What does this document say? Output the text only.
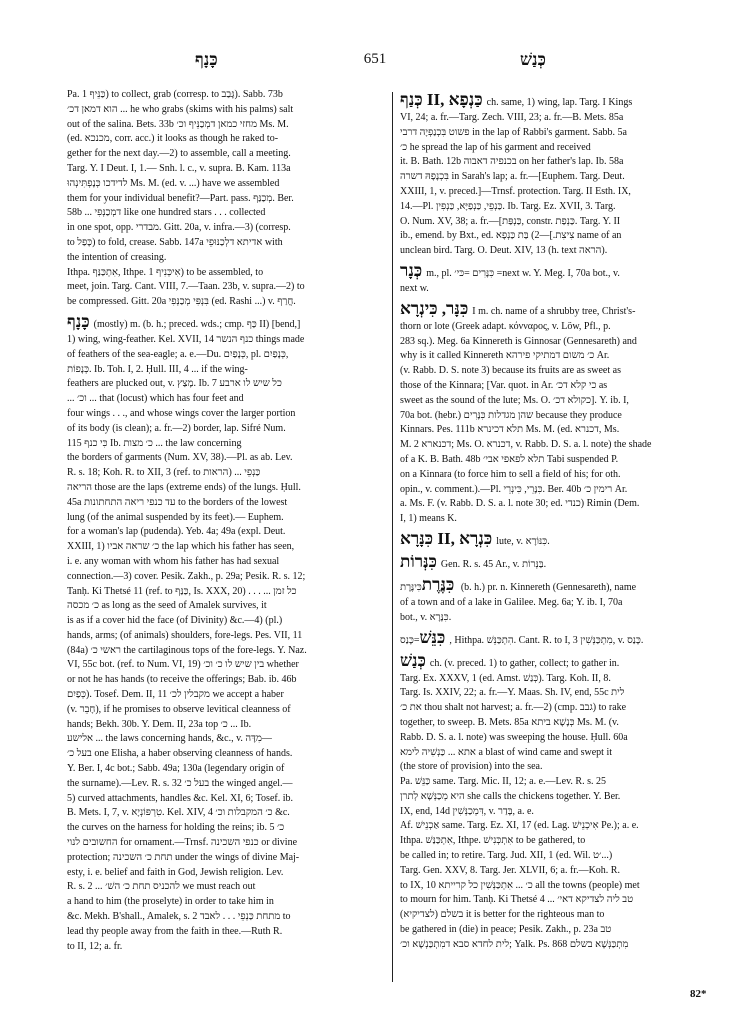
כָּנָף	651	כְּנַשׁ
Pa. כַּנֵּיף 1) to collect, grab (corresp. to גָּבַב). Sabb. 73b
הוא דמאן דכ׳ ... he who grabs (skims with his palms) salt
out of the salina. Bets. 33b מחזי כמאן דמְכַנֵּיף וכ׳ Ms. M.
(ed. מכנכא, corr. acc.) it looks as though he raked to-
gether for the next day.—2) to assemble, call a meeting.
Targ. Y. I Deut. I, 1.— Snh. l. c., v. supra. B. Kam. 113a
לדידכו כְּנָפְתִּינְהוּ Ms. M. (ed. v. ...) have we assembled
them for your individual benefit?—Part. pass. מְכַנַּף. Ber.
58b ... דמְכַנְּפִי like one hundred stars . . . collected
in one spot, opp. מבדרי. Gitt. 20a, v. infra.—3) (corresp.
to כָּפַל) to fold, crease. Sabb. 147a אדיתא דלְכַנּוּפֵי with
the intention of creasing.
Ithpa. אִתְכַּנַּף, Ithpe. אִיכְּנִיף 1) to be assembled, to
meet, join. Targ. Cant. VIII, 7.—Taan. 23b, v. supra.—2) to
be compressed. Gitt. 20a בִּנְפִּי מְכַנְּפִי (ed. Rashi ...) v. חֲרַף.
כָּנָף (mostly) m. (b. h.; preced. wds.; cmp. כַּף II) [bend,]
1) wing, wing-feather. Kel. XVII, 14 כנף הנשר things made
of feathers of the sea-eagle; a. e.—Du. כְּנָפַיִם, pl. כְּנָפַיִם,
כְּנָפוֹת. Ib. Toh. I, 2. Ḥull. III, 4 ... if the wing-
feathers are plucked out, v. מָצַץ. Ib. 7 כל שיש לו ארבע
... וכ׳ ... that (locust) which has four feet and
four wings . . ., and whose wings cover the larger portion
of its body (is clean); a. fr.—2) border, lap. Sifré Num.
115 כִּי כנף Ib. כ׳ מצות ... the law concerning
the borders of garments (Num. XV, 38).—Pl. as ab. Lev.
R. s. 18; Koh. R. to XII, 3 (ref. to הראות) ... כַּנְפֵי
הריאה those are the laps (extreme ends) of the lungs. Ḥull.
45a עד כנפי ריאה התחתונות to the borders of the lowest
lung (of the animal suspended by its feet).— Euphem.
for a woman's lap (pudenda). Yeb. 4a; 49a (expl. Deut.
XXIII, 1) כ׳ שראה אביו the lap which his father has seen,
i. e. any woman with whom his father has had sexual
connection.—3) cover. Pesik. Zakh., p. 29a; Pesik. R. s. 12;
Tanḥ. Ki Thetsé 11 (ref. to כַּנַּף, Is. XXX, 20) . . . ... כל זמן
כ׳ מכסה as long as the seed of Amalek survives, it
is as if a cover hid the face (of Divinity) &c.—4) (pl.)
hands, arms; (of animals) shoulders, fore-legs. Pes. VII, 11
(84a) ראשי כ׳ the cartilaginous tops of the fore-legs. Y. Naz.
VI, 55c bot. (ref. to Num. VI, 19) בין שיש לו כ׳ וכ׳ whether
or not he has hands (to receive the offerings; Bab. ib. 46b
כְּפַיִם). Tosef. Dem. II, 11 מקבלין לכ׳ we accept a haber
(v. חָבֵר), if he promises to observe levitical cleanness of
hands; Bekh. 30b. Y. Dem. II, 23a top כ׳ ... Ib.
אלישע ... the laws concerning hands, &c., v. מִדָּה—
בעל כ׳ one Elisha, a haber observing cleanness of hands.
Y. Ber. I, 4c bot.; Sabb. 49a; 130a (legendary origin of
the surname).—Lev. R. s. 32 בעל כ׳ the winged angel.—
5) curved attachments, handles &c. Kel. XI, 6; Tosef. ib.
B. Mets. I, 7, v. טִרְפּוֹנְיָא. Kel. XIV, 4 כ׳ המקבלות וכ׳ &c.
the curves on the harness for holding the reins; ib. 5 כ׳
החשובים לנוי for ornament.—Trnsf. כנפי השכינה or divine
protection; תחת כ׳ השכינה under the wings of divine Maj-
esty, i. e. belief and faith in God, Jewish religion. Lev.
R. s. 2 ... להכניס תחת כ׳ השׁ׳ we must reach out
a hand to him (the proselyte) in order to take him in
&c. Mekh. B'shall., Amalek, s. 2 מתחת כַּנְפֵי . . . לאבד to
lead thy people away from the faith in thee.—Ruth R.
to II, 12; a. fr.
כְּנַף II, כַּנְפָא ch. same, 1) wing, lap. Targ. I Kings
VI, 24; a. fr.—Targ. Zech. VIII, 23; a. fr.—B. Mets. 85a
פשוט בִּכְנַפְיָה דרבי in the lap of Rabbi's garment. Sabb. 5a
כ׳ he spread the lap of his garment and received
it. B. Bath. 12b בכנפיה דאבוה on her father's lap. Ib. 58a
בִּכְנָפָהּ דשרה in Sarah's lap; a. fr.—[Euphem. Targ. Deut.
XXIII, 1, v. preced.]—Trnsf. protection. Targ. II Esth. IX,
14.—Pl. כַּנְפֵי, כַּנְפַיָּא, כַּנְפִין. Ib. Targ. Ez. XVII, 3. Targ.
O. Num. XV, 38; a. fr.—[כַּנְפַּת, constr. כַּנְפַת. Targ. Y. II
ib., emend. by Bxt., ed. צִיצִת.]—2) בַּת כַּנְפָא name of an
unclean bird. Targ. O. Deut. XIV, 13 (h. text הראה).
כְּנָר m., pl. כִּנָּרִים =כּי׳ =next w. Y. Meg. I, 70a bot., v.
next w.
כִּנָּר, כִּינְרָא I m. ch. name of a shrubby tree, Christ's-
thorn or lote (Greek adapt. κόνναρος, v. Löw, Pfl., p.
283 sq.). Meg. 6a Kinnereth is Ginnosar (Gennesareth) and
why is it called Kinnereth כ׳ משום דמתיקי פירהא Ar.
(v. Rabb. D. S. note 3) because its fruits are as sweet as
those of the Kinnara; [Var. quot. in Ar. כי קלא דכ׳ as
sweet as the sound of the lute; Ms. O. כקולא דכ׳]. Y. ib. I,
70a bot. (hebr.) שהן מגדלות כִּנָּרִים because they produce
Kinnars. Pes. 111b תלא דכינרא Ms. M. (ed. דכנרא, Ms.
M. 2 דכנארא; Ms. O. דכנרא, v. Rabb. D. S. a. l. note) the shade
of a K. B. Bath. 48b תלא לפאפי אבי׳ Tabi suspended P.
on a Kinnara (to force him to sell a field of his; for oth.
opin., v. comment.).—Pl. כִּנָּרֵי, כִּינְרֵי. Ber. 40b רימין כ׳ Ar.
a. Ms. F. (v. Rabb. D. S. a. l. note 30; ed. כנדי) Rimin (Dem.
I, 1) means K.
כִּנָּרָא II, כִּנְרָא lute, v. כִּנּוֹרָא.
כִּנְּרוֹת Gen. R. s. 45 Ar., v. בַּנְּרוֹת.
כִּנֶּרֶתכִּינֶּרֶת (b. h.) pr. n. Kinnereth (Gennesareth), name
of a town and of a lake in Galilee. Meg. 6a; Y. ib. I, 70a
bot., v. כִּנָּרָא.
כִּנֵּשׁ=כָּנַס, Hithpa. הִתְכַּנֵּשׁ. Cant. R. to I, 3 מִתְכַּנְּשִׁין, v. כָּנַס.
כְּנַשׁ ch. (v. preced. 1) to gather, collect; to gather in.
Targ. Ex. XXXV, 1 (ed. Amst. כְּנַשׁ). Targ. Koh. II, 8.
Targ. Is. XXIV, 22; a. fr.—Y. Maas. Sh. IV, end, 55c לית
את כ׳ thou shalt not harvest; a. fr.—2) (cmp. גבב) to rake
together, to sweep. B. Mets. 85a כְּנָשָׁא ביתא Ms. M. (v.
Rabb. D. S. a. l. note) was sweeping the house. Ḥull. 60a
אתא ... כַּנְשִׁיה לימא a blast of wind came and swept it
(the store of provision) into the sea.
Pa. כַּנֵּשׁ same. Targ. Mic. II, 12; a. e.—Lev. R. s. 25
היא מְכַנְּשָׁא לְתרן she calls the chickens together. Y. Ber.
IX, end, 14d דִּמְכַנְּשִׁין, v. בָּדַר, a. e.
Af. אַכְנֵישׁ same. Targ. Ez. XI, 17 (ed. Lag. אִיכְנֵישׁ Pe.); a. e.
Ithpa. אִתְכַּנַּשׁ, Ithpe. אִתְכְּנִישׁ to be gathered, to
be called in; to retire. Targ. Jud. XII, 1 (ed. Wil. ׳ט...)
Targ. Gen. XXV, 8. Targ. Jer. XLVII, 6; a. fr.—Koh. R.
to IX, 10 כ׳ ... אִתְכַּנְּשִׁין כל קרייתא all the towns (people) met
to mourn for him. Tanḥ. Ki Thetsé 4 ... טב ליה לצדיקא דאי׳
בשלם (לצדיקיא) it is better for the righteous man to
be gathered in (die) in peace; Pesik. Zakh., p. 23a טב
לית לחדא סבא דמִתְכַּנְשָׁא וכ׳; Yalk. Ps. 868 מִתְכַּנְּשָׁא בשלם
82*
